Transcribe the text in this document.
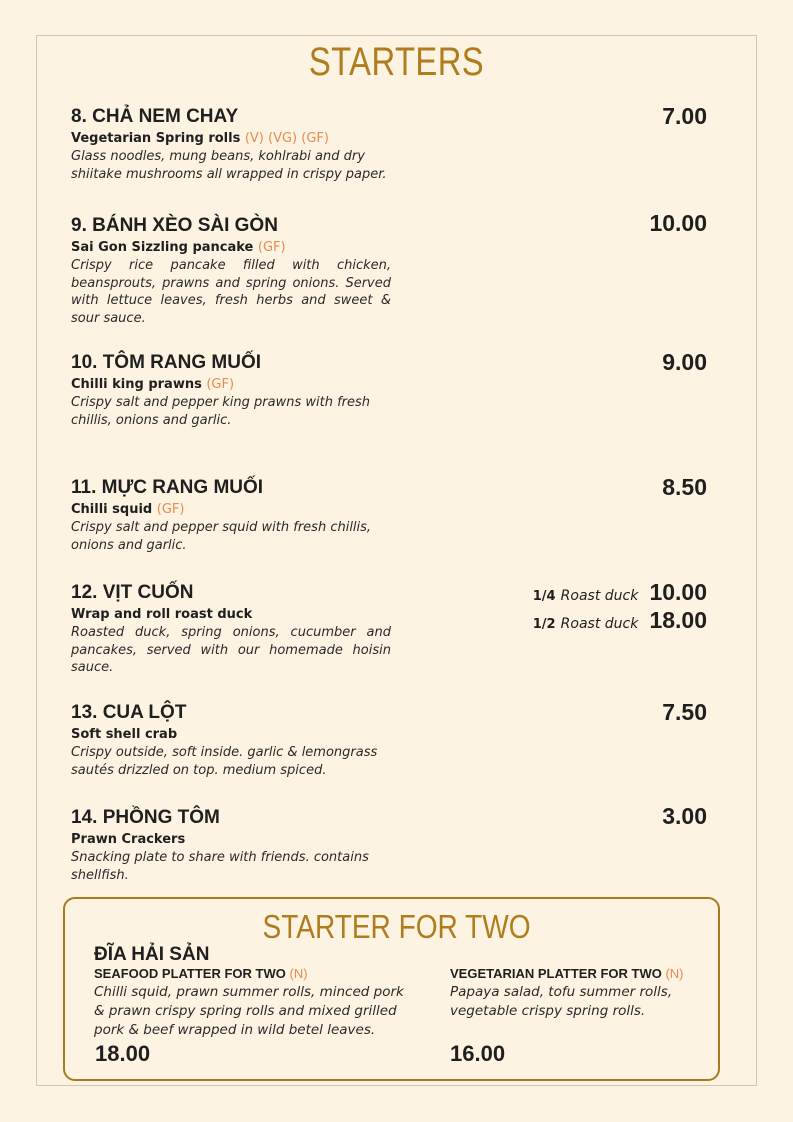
STARTERS
8. CHẢ NEM CHAY
Vegetarian Spring rolls (V) (VG) (GF)
Glass noodles, mung beans, kohlrabi and dry shiitake mushrooms all wrapped in crispy paper.
7.00
9. BÁNH XÈO SÀI GÒN
Sai Gon Sizzling pancake (GF)
Crispy rice pancake filled with chicken, beansprouts, prawns and spring onions. Served with lettuce leaves, fresh herbs and sweet & sour sauce.
10.00
10. TÔM RANG MUỐI
Chilli king prawns (GF)
Crispy salt and pepper king prawns with fresh chillis, onions and garlic.
9.00
11. MỰC RANG MUỐI
Chilli squid (GF)
Crispy salt and pepper squid with fresh chillis, onions and garlic.
8.50
12. VỊT CUỐN
Wrap and roll roast duck
Roasted duck, spring onions, cucumber and pancakes, served with our homemade hoisin sauce.
1/4 Roast duck 10.00
1/2 Roast duck 18.00
13. CUA LỘT
Soft shell crab
Crispy outside, soft inside. garlic & lemongrass sautés drizzled on top. medium spiced.
7.50
14. PHỒNG TÔM
Prawn Crackers
Snacking plate to share with friends. contains shellfish.
3.00
STARTER FOR TWO
ĐĨA HẢI SẢN
SEAFOOD PLATTER FOR TWO (N)
Chilli squid, prawn summer rolls, minced pork & prawn crispy spring rolls and mixed grilled pork & beef wrapped in wild betel leaves.
18.00
VEGETARIAN PLATTER FOR TWO (N)
Papaya salad, tofu summer rolls, vegetable crispy spring rolls.
16.00
